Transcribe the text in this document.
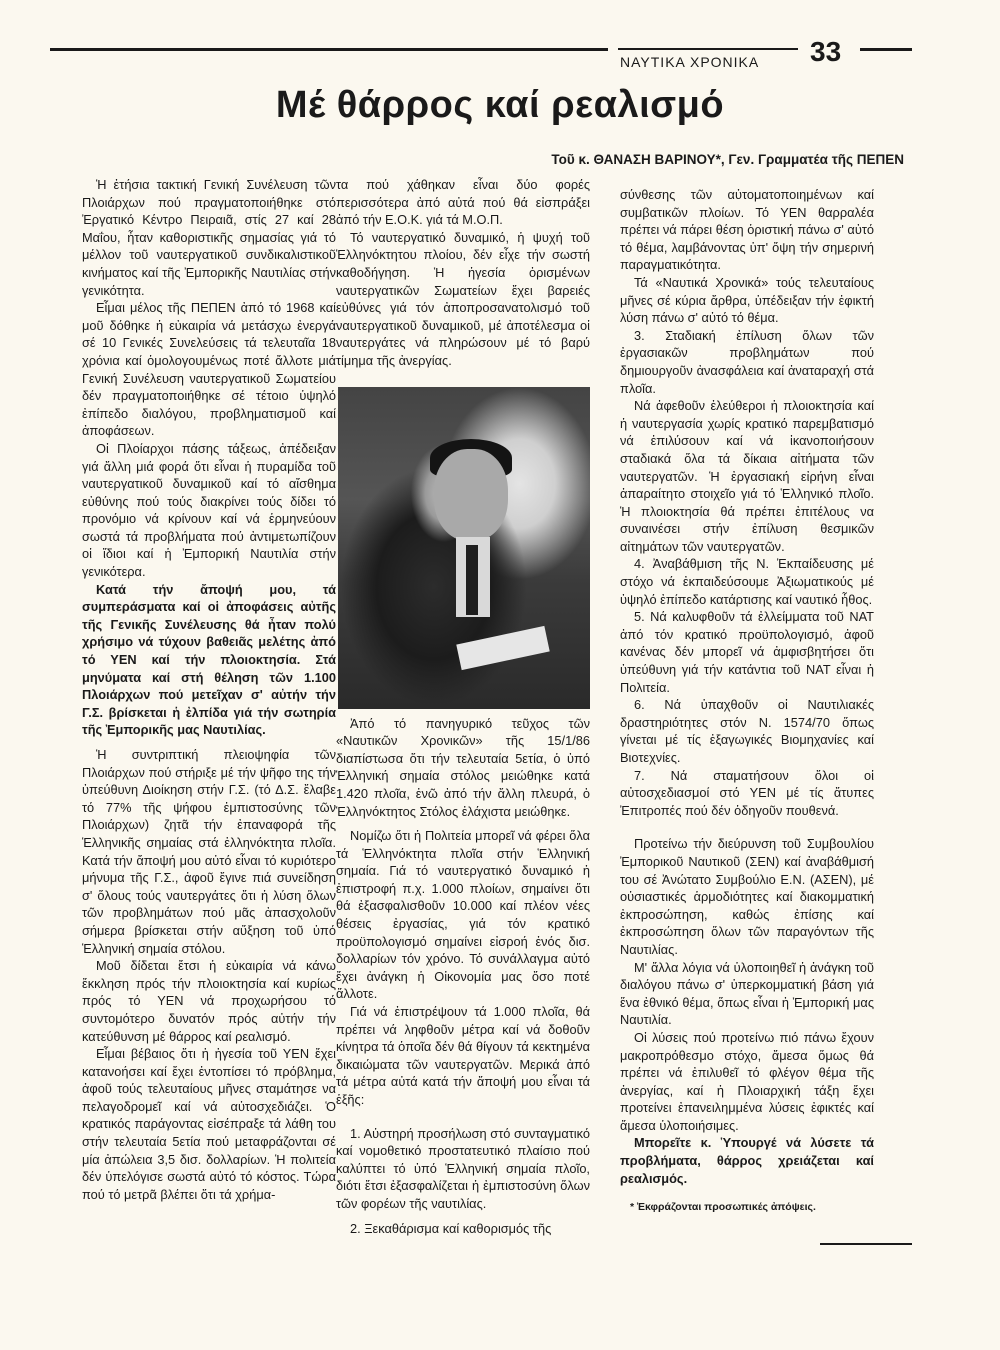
ΝΑΥΤΙΚΑ ΧΡΟΝΙΚΑ 33
Μέ θάρρος καί ρεαλισμό
Τοῦ κ. ΘΑΝΑΣΗ ΒΑΡΙΝΟΥ*, Γεν. Γραμματέα τῆς ΠΕΠΕΝ

Ἡ ἐτήσια τακτική Γενική Συνέλευση τῶν Πλοιάρχων πού πραγματοποιήθηκε στό Ἐργατικό Κέντρο Πειραιᾶ, στίς 27 καί 28 Μαΐου, ἦταν καθοριστικῆς σημασίας γιά τό μέλλον τοῦ ναυτεργατικοῦ συνδικαλιστικοῦ κινήματος καί τῆς Ἐμπορικῆς Ναυτιλίας στήν γενικότητα.

Εἶμαι μέλος τῆς ΠΕΠΕΝ ἀπό τό 1968 καί μοῦ δόθηκε ἡ εὐκαιρία νά μετάσχω ἐνεργά σέ 10 Γενικές Συνελεύσεις τά τελευταῖα 18 χρόνια καί ὁμολογουμένως ποτέ ἄλλοτε μιά Γενική Συνέλευση ναυτεργατικοῦ Σωματείου δέν πραγματοποιήθηκε σέ τέτοιο ὑψηλό ἐπίπεδο διαλόγου, προβληματισμοῦ καί ἀποφάσεων.

Οἱ Πλοίαρχοι πάσης τάξεως, ἀπέδειξαν γιά ἄλλη μιά φορά ὅτι εἶναι ἡ πυραμίδα τοῦ ναυτεργατικοῦ δυναμικοῦ καί τό αἴσθημα εὐθύνης πού τούς διακρίνει τούς δίδει τό προνόμιο νά κρίνουν καί νά ἑρμηνεύουν σωστά τά προβλήματα πού ἀντιμετωπίζουν οἱ ἴδιοι καί ἡ Ἐμπορική Ναυτιλία στήν γενικότερα.

Κατά τήν ἄποψή μου, τά συμπεράσματα καί οἱ ἀποφάσεις αὐτῆς τῆς Γενικῆς Συνέλευσης θά ἦταν πολύ χρήσιμο νά τύχουν βαθειᾶς μελέτης ἀπό τό ΥΕΝ καί τήν πλοιοκτησία. Στά μηνύματα καί στή θέληση τῶν 1.100 Πλοιάρχων πού μετεῖχαν σ' αὐτήν τήν Γ.Σ. βρίσκεται ἡ ἐλπίδα γιά τήν σωτηρία τῆς Ἐμπορικῆς μας Ναυτιλίας.

Ἡ συντριπτική πλειοψηφία τῶν Πλοιάρχων πού στήριξε μέ τήν ψῆφο της τήν ὑπεύθυνη Διοίκηση στήν Γ.Σ. (τό Δ.Σ. ἔλαβε τό 77% τῆς ψήφου ἐμπιστοσύνης τῶν Πλοιάρχων) ζητᾶ τήν ἐπαναφορά τῆς Ἑλληνικῆς σημαίας στά ἑλληνόκτητα πλοῖα. Κατά τήν ἄποψή μου αὐτό εἶναι τό κυριότερο μήνυμα τῆς Γ.Σ., ἀφοῦ ἔγινε πιά συνείδηση σ' ὅλους τούς ναυτεργάτες ὅτι ἡ λύση ὅλων τῶν προβλημάτων πού μᾶς ἀπασχολοῦν σήμερα βρίσκεται στήν αὔξηση τοῦ ὑπό Ἑλληνική σημαία στόλου.

Μοῦ δίδεται ἔτσι ἡ εὐκαιρία νά κάνω ἔκκληση πρός τήν πλοιοκτησία καί κυρίως πρός τό ΥΕΝ νά προχωρήσου τό συντομότερο δυνατόν πρός αὐτήν τήν κατεύθυνση μέ θάρρος καί ρεαλισμό.

Εἶμαι βέβαιος ὅτι ἡ ἡγεσία τοῦ ΥΕΝ ἔχει κατανοήσει καί ἔχει ἐντοπίσει τό πρόβλημα, ἀφοῦ τούς τελευταίους μῆνες σταμάτησε να πελαγοδρομεῖ καί νά αὐτοσχεδιάζει. Ὁ κρατικός παράγοντας εἰσέπραξε τά λάθη του στήν τελευταία 5ετία πού μεταφράζονται σέ μία ἀπώλεια 3,5 δισ. δολλαρίων. Ἡ πολιτεία δέν ὑπελόγισε σωστά αὐτό τό κόστος. Τώρα πού τό μετρᾶ βλέπει ὅτι τά χρήμα-

τα πού χάθηκαν εἶναι δύο φορές περισσότερα ἀπό αὐτά πού θά εἰσπράξει ἀπό τήν Ε.Ο.Κ. γιά τά Μ.Ο.Π.

Τό ναυτεργατικό δυναμικό, ἡ ψυχή τοῦ Ἑλληνόκτητου πλοίου, δέν εἶχε τήν σωστή καθοδήγηση. Ἡ ἡγεσία ὁρισμένων ναυτεργατικῶν Σωματείων ἔχει βαρειές εὐθύνες γιά τόν ἀποπροσανατολισμό τοῦ ναυτεργατικοῦ δυναμικοῦ, μέ ἀποτέλεσμα οἱ ναυτεργάτες νά πληρώσουν μέ τό βαρύ τίμημα τῆς ἀνεργίας.

Ἀπό τό πανηγυρικό τεῦχος τῶν «Ναυτικῶν Χρονικῶν» τῆς 15/1/86 διαπίστωσα ὅτι τήν τελευταία 5ετία, ὁ ὑπό Ἑλληνική σημαία στόλος μειώθηκε κατά 1.420 πλοῖα, ἐνῶ ἀπό τήν ἄλλη πλευρά, ὁ Ἑλληνόκτητος Στόλος ἐλάχιστα μειώθηκε.

Νομίζω ὅτι ἡ Πολιτεία μπορεῖ νά φέρει ὅλα τά Ἑλληνόκτητα πλοῖα στήν Ἑλληνική σημαία. Γιά τό ναυτεργατικό δυναμικό ἡ ἐπιστροφή π.χ. 1.000 πλοίων, σημαίνει ὅτι θά ἐξασφαλισθοῦν 10.000 καί πλέον νέες θέσεις ἐργασίας, γιά τόν κρατικό προϋπολογισμό σημαίνει εἰσροή ἑνός δισ. δολλαρίων τόν χρόνο. Τό συνάλλαγμα αὐτό ἔχει ἀνάγκη ἡ Οἰκονομία μας ὅσο ποτέ ἄλλοτε.

Γιά νά ἐπιστρέψουν τά 1.000 πλοῖα, θά πρέπει νά ληφθοῦν μέτρα καί νά δοθοῦν κίνητρα τά ὁποῖα δέν θά θίγουν τά κεκτημένα δικαιώματα τῶν ναυτεργατῶν. Μερικά ἀπό τά μέτρα αὐτά κατά τήν ἄποψή μου εἶναι τά ἑξῆς:

1. Αὐστηρή προσήλωση στό συνταγματικό καί νομοθετικό προστατευτικό πλαίσιο πού καλύπτει τό ὑπό Ἑλληνική σημαία πλοῖο, διότι ἔτσι ἐξασφαλίζεται ἡ ἐμπιστοσύνη ὅλων τῶν φορέων τῆς ναυτιλίας.

2. Ξεκαθάρισμα καί καθορισμός τῆς

σύνθεσης τῶν αὐτοματοποιημένων καί συμβατικῶν πλοίων. Τό ΥΕΝ θαρραλέα πρέπει νά πάρει θέση ὁριστική πάνω σ' αὐτό τό θέμα, λαμβάνοντας ὑπ' ὄψη τήν σημερινή παραγματικότητα.

Τά «Ναυτικά Χρονικά» τούς τελευταίους μῆνες σέ κύρια ἄρθρα, ὑπέδειξαν τήν ἐφικτή λύση πάνω σ' αὐτό τό θέμα.

3. Σταδιακή ἐπίλυση ὅλων τῶν ἐργασιακῶν προβλημάτων πού δημιουργοῦν ἀνασφάλεια καί ἀναταραχή στά πλοῖα.

Νά ἀφεθοῦν ἐλεύθεροι ἡ πλοιοκτησία καί ἡ ναυτεργασία χωρίς κρατικό παρεμβατισμό νά ἐπιλύσουν καί νά ἱκανοποιήσουν σταδιακά ὅλα τά δίκαια αἰτήματα τῶν ναυτεργατῶν. Ἡ ἐργασιακή εἰρήνη εἶναι ἀπαραίτητο στοιχεῖο γιά τό Ἑλληνικό πλοῖο. Ἡ πλοιοκτησία θά πρέπει ἐπιτέλους να συναινέσει στήν ἐπίλυση θεσμικῶν αἰτημάτων τῶν ναυτεργατῶν.

4. Ἀναβάθμιση τῆς Ν. Ἐκπαίδευσης μέ στόχο νά ἐκπαιδεύσουμε Ἀξιωματικούς μέ ὑψηλό ἐπίπεδο κατάρτισης καί ναυτικό ἦθος.

5. Νά καλυφθοῦν τά ἐλλείμματα τοῦ ΝΑΤ ἀπό τόν κρατικό προϋπολογισμό, ἀφοῦ κανένας δέν μπορεῖ νά ἀμφισβητήσει ὅτι ὑπεύθυνη γιά τήν κατάντια τοῦ ΝΑΤ εἶναι ἡ Πολιτεία.

6. Νά ὑπαχθοῦν οἱ Ναυτιλιακές δραστηριότητες στόν Ν. 1574/70 ὅπως γίνεται μέ τίς ἐξαγωγικές Βιομηχανίες καί Βιοτεχνίες.

7. Νά σταματήσουν ὅλοι οἱ αὐτοσχεδιασμοί στό ΥΕΝ μέ τίς ἄτυπες Ἐπιτροπές πού δέν ὁδηγοῦν πουθενά.

Προτείνω τήν διεύρυνση τοῦ Συμβουλίου Ἐμπορικοῦ Ναυτικοῦ (ΣΕΝ) καί ἀναβάθμισή του σέ Ἀνώτατο Συμβούλιο Ε.Ν. (ΑΣΕΝ), μέ οὐσιαστικές ἁρμοδιότητες καί διακομματική ἐκπροσώπηση, καθώς ἐπίσης καί ἐκπροσώπηση ὅλων τῶν παραγόντων τῆς Ναυτιλίας.

Μ' ἄλλα λόγια νά ὑλοποιηθεῖ ἡ ἀνάγκη τοῦ διαλόγου πάνω σ' ὑπερκομματική βάση γιά ἕνα ἐθνικό θέμα, ὅπως εἶναι ἡ Ἐμπορική μας Ναυτιλία.

Οἱ λύσεις πού προτείνω πιό πάνω ἔχουν μακροπρόθεσμο στόχο, ἄμεσα ὅμως θά πρέπει νά ἐπιλυθεῖ τό φλέγον θέμα τῆς ἀνεργίας, καί ἡ Πλοιαρχική τάξη ἔχει προτείνει ἐπανειλημμένα λύσεις ἐφικτές καί ἄμεσα ὑλοποιήσιμες.

Μπορεῖτε κ. Ὑπουργέ νά λύσετε τά προβλήματα, θάρρος χρειάζεται καί ρεαλισμός.

* Ἐκφράζονται προσωπικές ἀπόψεις.
